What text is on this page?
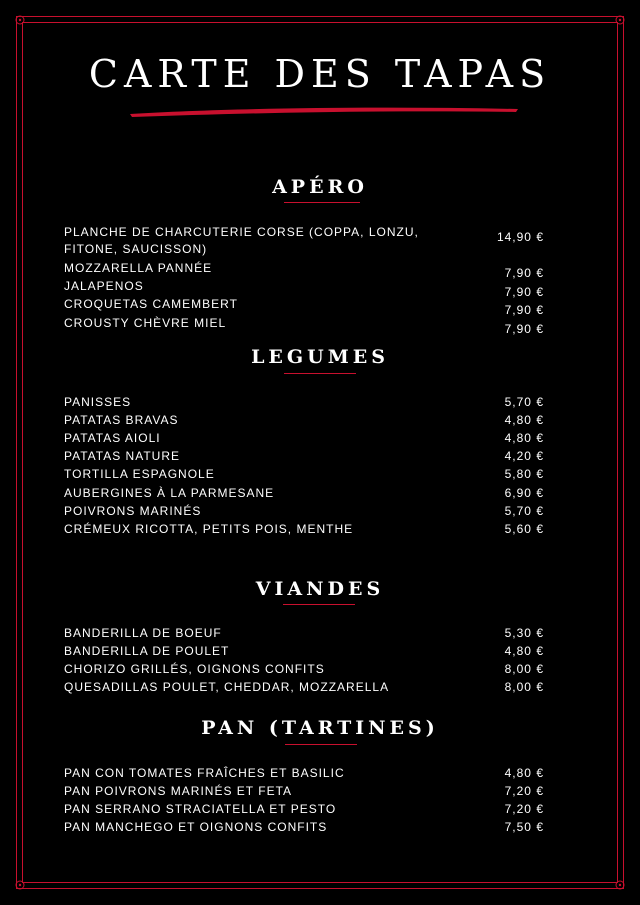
CARTE DES TAPAS
APÉRO
PLANCHE DE CHARCUTERIE CORSE (COPPA, LONZU,	14,90 €
FITONE, SAUCISSON)
MOZZARELLA PANNÉE	7,90 €
JALAPENOS	7,90 €
CROQUETAS CAMEMBERT	7,90 €
CROUSTY CHÈVRE MIEL	7,90 €
LEGUMES
PANISSES	5,70 €
PATATAS BRAVAS	4,80 €
PATATAS AIOLI	4,80 €
PATATAS NATURE	4,20 €
TORTILLA ESPAGNOLE	5,80 €
AUBERGINES À LA PARMESANE	6,90 €
POIVRONS MARINÉS	5,70 €
CRÉMEUX RICOTTA, PETITS POIS, MENTHE	5,60 €
VIANDES
BANDERILLA DE BOEUF	5,30 €
BANDERILLA DE POULET	4,80 €
CHORIZO GRILLÉS, OIGNONS CONFITS	8,00 €
QUESADILLAS POULET, CHEDDAR, MOZZARELLA	8,00 €
PAN (TARTINES)
PAN CON TOMATES FRAÎCHES ET BASILIC	4,80 €
PAN POIVRONS MARINÉS ET FETA	7,20 €
PAN SERRANO STRACIATELLA ET PESTO	7,20 €
PAN MANCHEGO ET OIGNONS CONFITS	7,50 €
